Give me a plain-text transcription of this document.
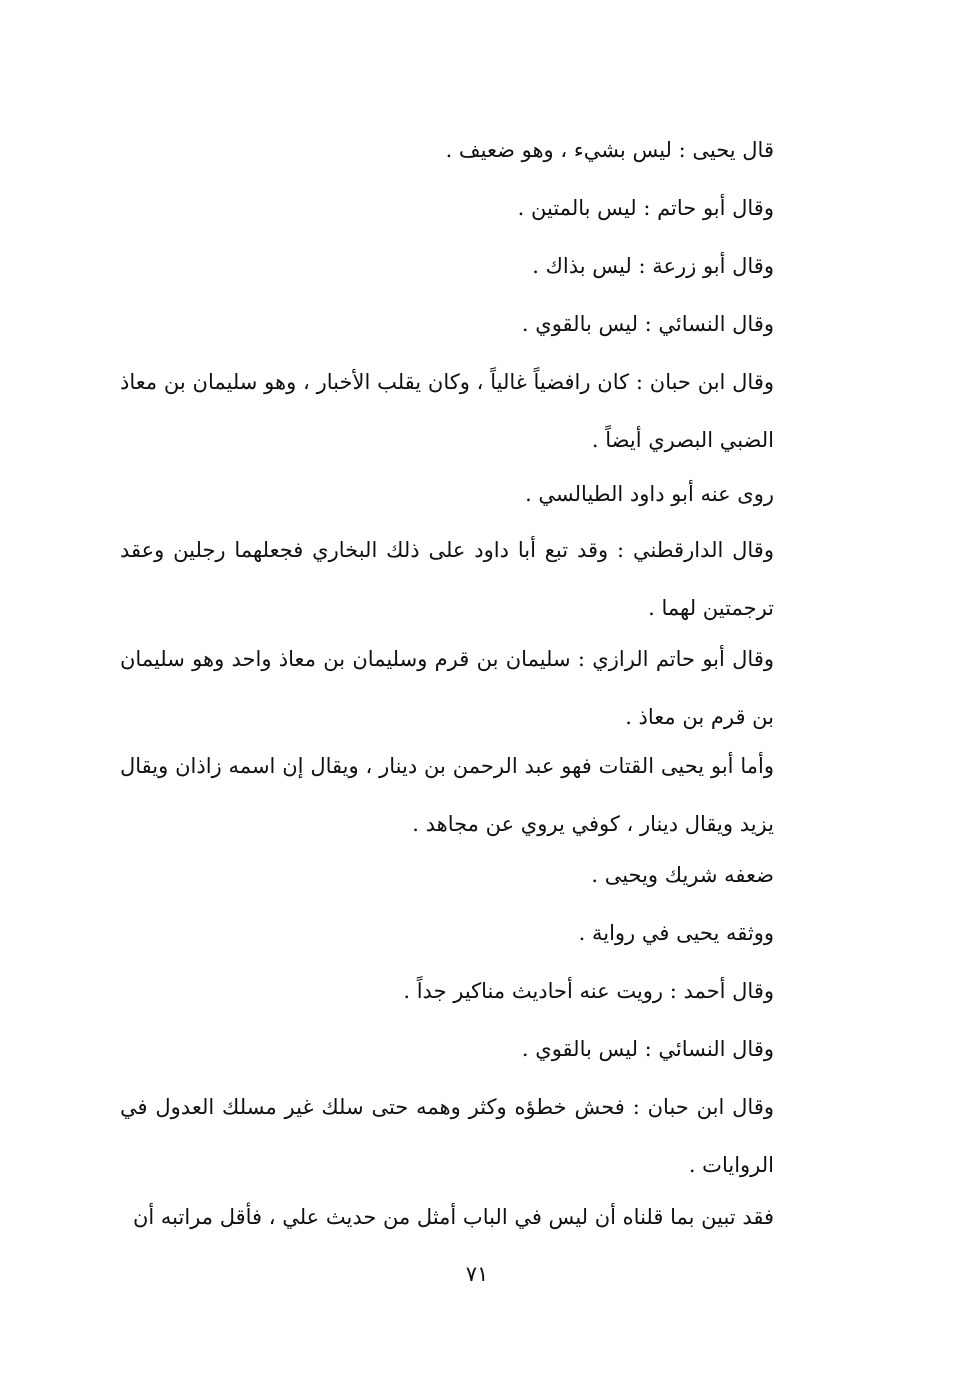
قال يحيى : ليس بشيء ، وهو ضعيف .

وقال أبو حاتم : ليس بالمتين .

وقال أبو زرعة : ليس بذاك .

وقال النسائي : ليس بالقوي .

وقال ابن حبان : كان رافضياً غالياً ، وكان يقلب الأخبار ، وهو سليمان بن معاذ الضبي البصري أيضاً .

روى عنه أبو داود الطيالسي .

وقال الدارقطني : وقد تبع أبا داود على ذلك البخاري فجعلهما رجلين وعقد ترجمتين لهما .

وقال أبو حاتم الرازي : سليمان بن قرم وسليمان بن معاذ واحد وهو سليمان بن قرم بن معاذ .

وأما أبو يحيى القتات فهو عبد الرحمن بن دينار ، ويقال إن اسمه زاذان ويقال يزيد ويقال دينار ، كوفي يروي عن مجاهد .

ضعفه شريك ويحيى .

ووثقه يحيى في رواية .

وقال أحمد : رويت عنه أحاديث مناكير جداً .

وقال النسائي : ليس بالقوي .

وقال ابن حبان : فحش خطؤه وكثر وهمه حتى سلك غير مسلك العدول في الروايات .

فقد تبين بما قلناه أن ليس في الباب أمثل من حديث علي ، فأقل مراتبه أن

٧١
